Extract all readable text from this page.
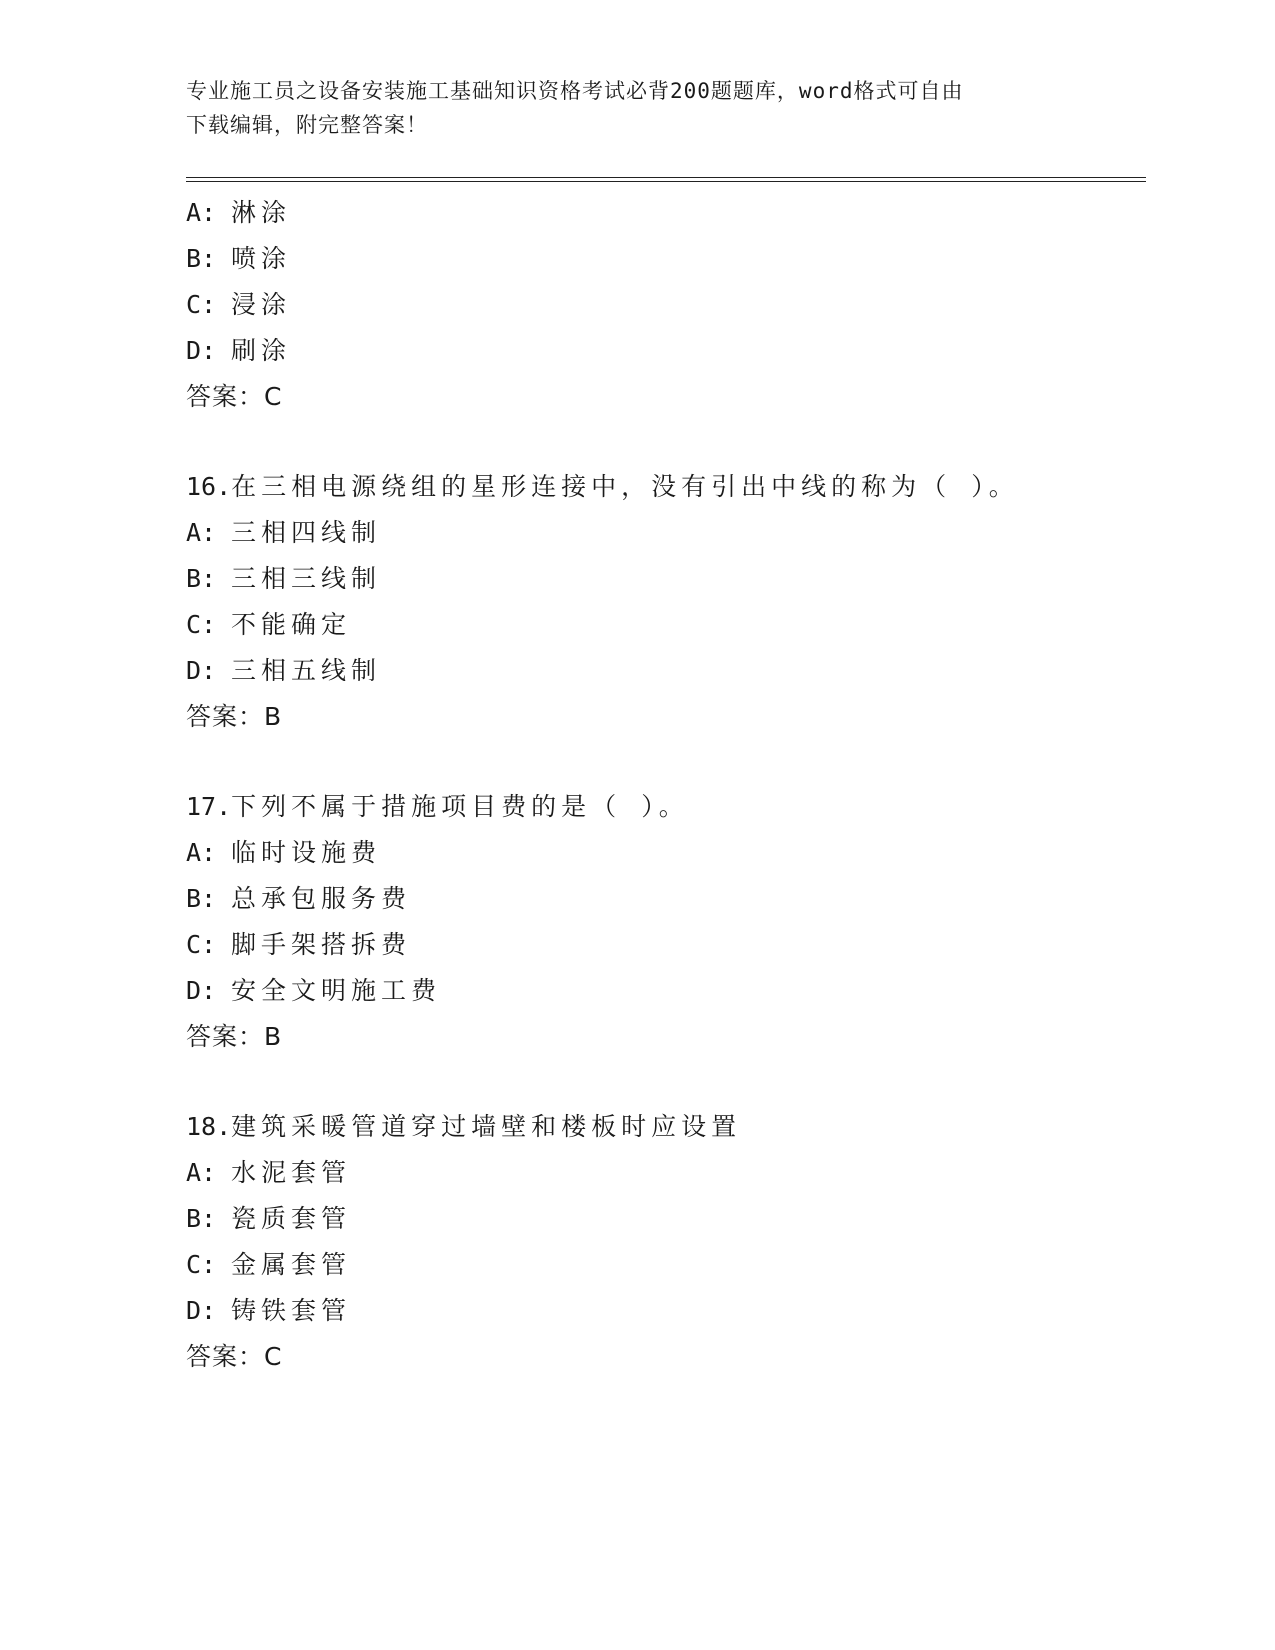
专业施工员之设备安装施工基础知识资格考试必背200题题库，word格式可自由
下载编辑，附完整答案！
A: 淋涂
B: 喷涂
C: 浸涂
D: 刷涂
答案：C
16.在三相电源绕组的星形连接中，没有引出中线的称为（ ）。
A: 三相四线制
B: 三相三线制
C: 不能确定
D: 三相五线制
答案：B
17.下列不属于措施项目费的是（ ）。
A: 临时设施费
B: 总承包服务费
C: 脚手架搭拆费
D: 安全文明施工费
答案：B
18.建筑采暖管道穿过墙壁和楼板时应设置
A: 水泥套管
B: 瓷质套管
C: 金属套管
D: 铸铁套管
答案：C
